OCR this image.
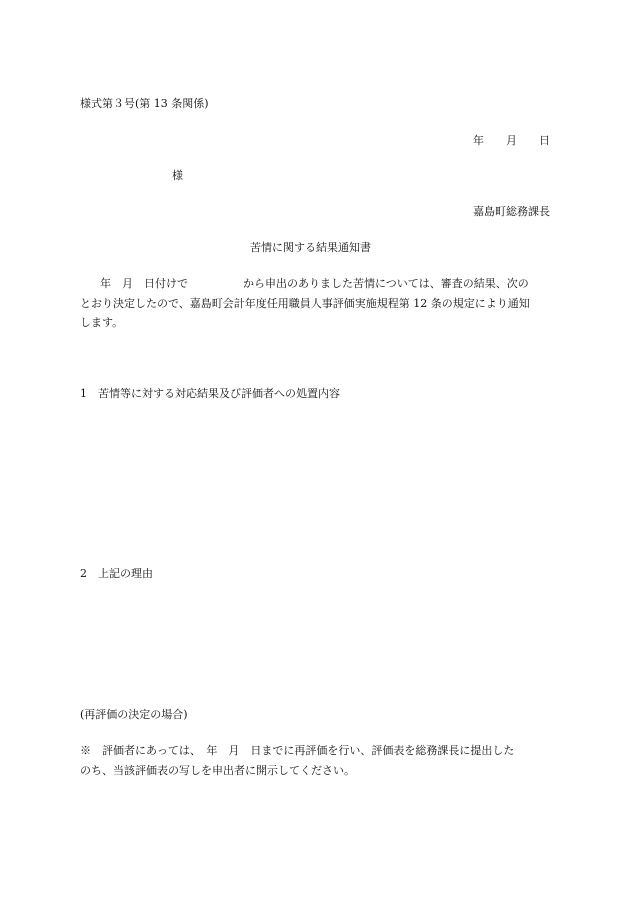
様式第３号(第 13 条関係)
年　　月　　日
様
嘉島町総務課長
苦情に関する結果通知書
年　月　日付けで　　　　　から申出のありました苦情については、審査の結果、次の
とおり決定したので、嘉島町会計年度任用職員人事評価実施規程第 12 条の規定により通知
します。
1　苦情等に対する対応結果及び評価者への処置内容
2　上記の理由
(再評価の決定の場合)
※　評価者にあっては、　年　月　日までに再評価を行い、評価表を総務課長に提出した
のち、当該評価表の写しを申出者に開示してください。
